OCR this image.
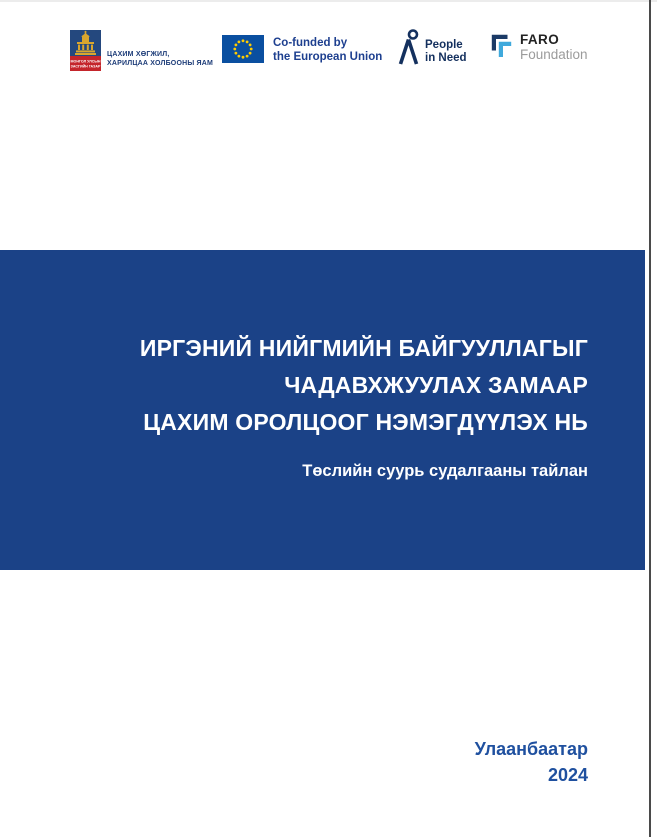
МОНГОЛ УЛСЫН
ЗАСГИЙН ГАЗАР
ЦАХИМ ХӨГЖИЛ,
ХАРИЛЦАА ХОЛБООНЫ ЯАМ
Co-funded by
the European Union
People
in Need
FARO
Foundation
ИРГЭНИЙ НИЙГМИЙН БАЙГУУЛЛАГЫГ
ЧАДАВХЖУУЛАХ ЗАМААР
ЦАХИМ ОРОЛЦООГ НЭМЭГДҮҮЛЭХ НЬ
Төслийн суурь судалгааны тайлан
Улаанбаатар
2024
